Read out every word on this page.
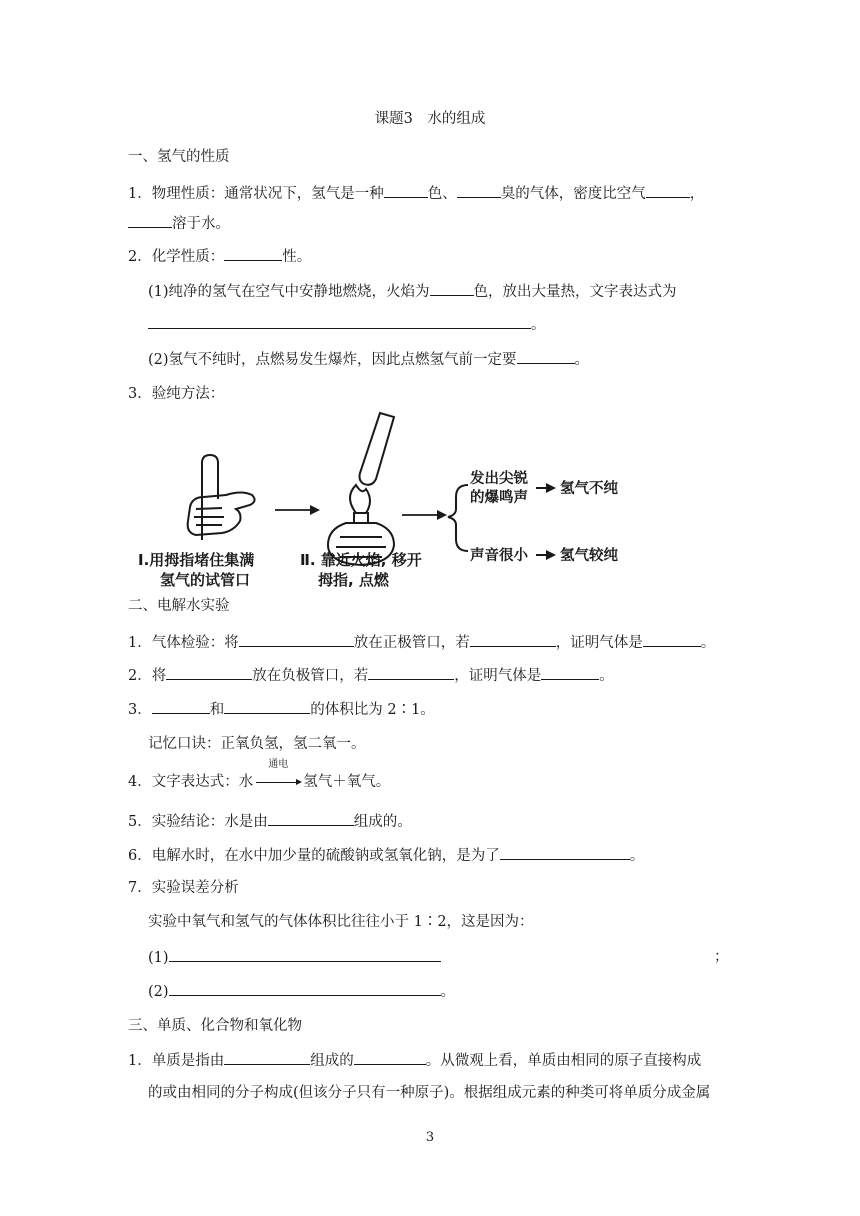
课题3　水的组成
一、氢气的性质
1．物理性质：通常状况下，氢气是一种	色、	臭的气体，密度比空气	，
溶于水。
2．化学性质：	性。
(1)纯净的氢气在空气中安静地燃烧，火焰为	色，放出大量热，文字表达式为
。
(2)氢气不纯时，点燃易发生爆炸，因此点燃氢气前一定要	。
3．验纯方法：
Ⅰ.用拇指堵住集满
氢气的试管口
Ⅱ. 靠近火焰, 移开
拇指, 点燃
发出尖锐
的爆鸣声
氢气不纯
声音很小 氢气较纯
二、电解水实验
1．气体检验：将	放在正极管口，若	，证明气体是	。
2．将	放在负极管口，若	，证明气体是	。
3．	和	的体积比为 2∶1。
记忆口诀：正氧负氢，氢二氧一。
4．文字表达式：水
通电
氢气＋氧气。
5．实验结论：水是由	组成的。
6．电解水时，在水中加少量的硫酸钠或氢氧化钠，是为了	。
7．实验误差分析
实验中氧气和氢气的气体体积比往往小于 1∶2，这是因为：
(1)	；
(2)	。
三、单质、化合物和氧化物
1．单质是指由	组成的	。从微观上看，单质由相同的原子直接构成
的或由相同的分子构成(但该分子只有一种原子)。根据组成元素的种类可将单质分成金属
3
